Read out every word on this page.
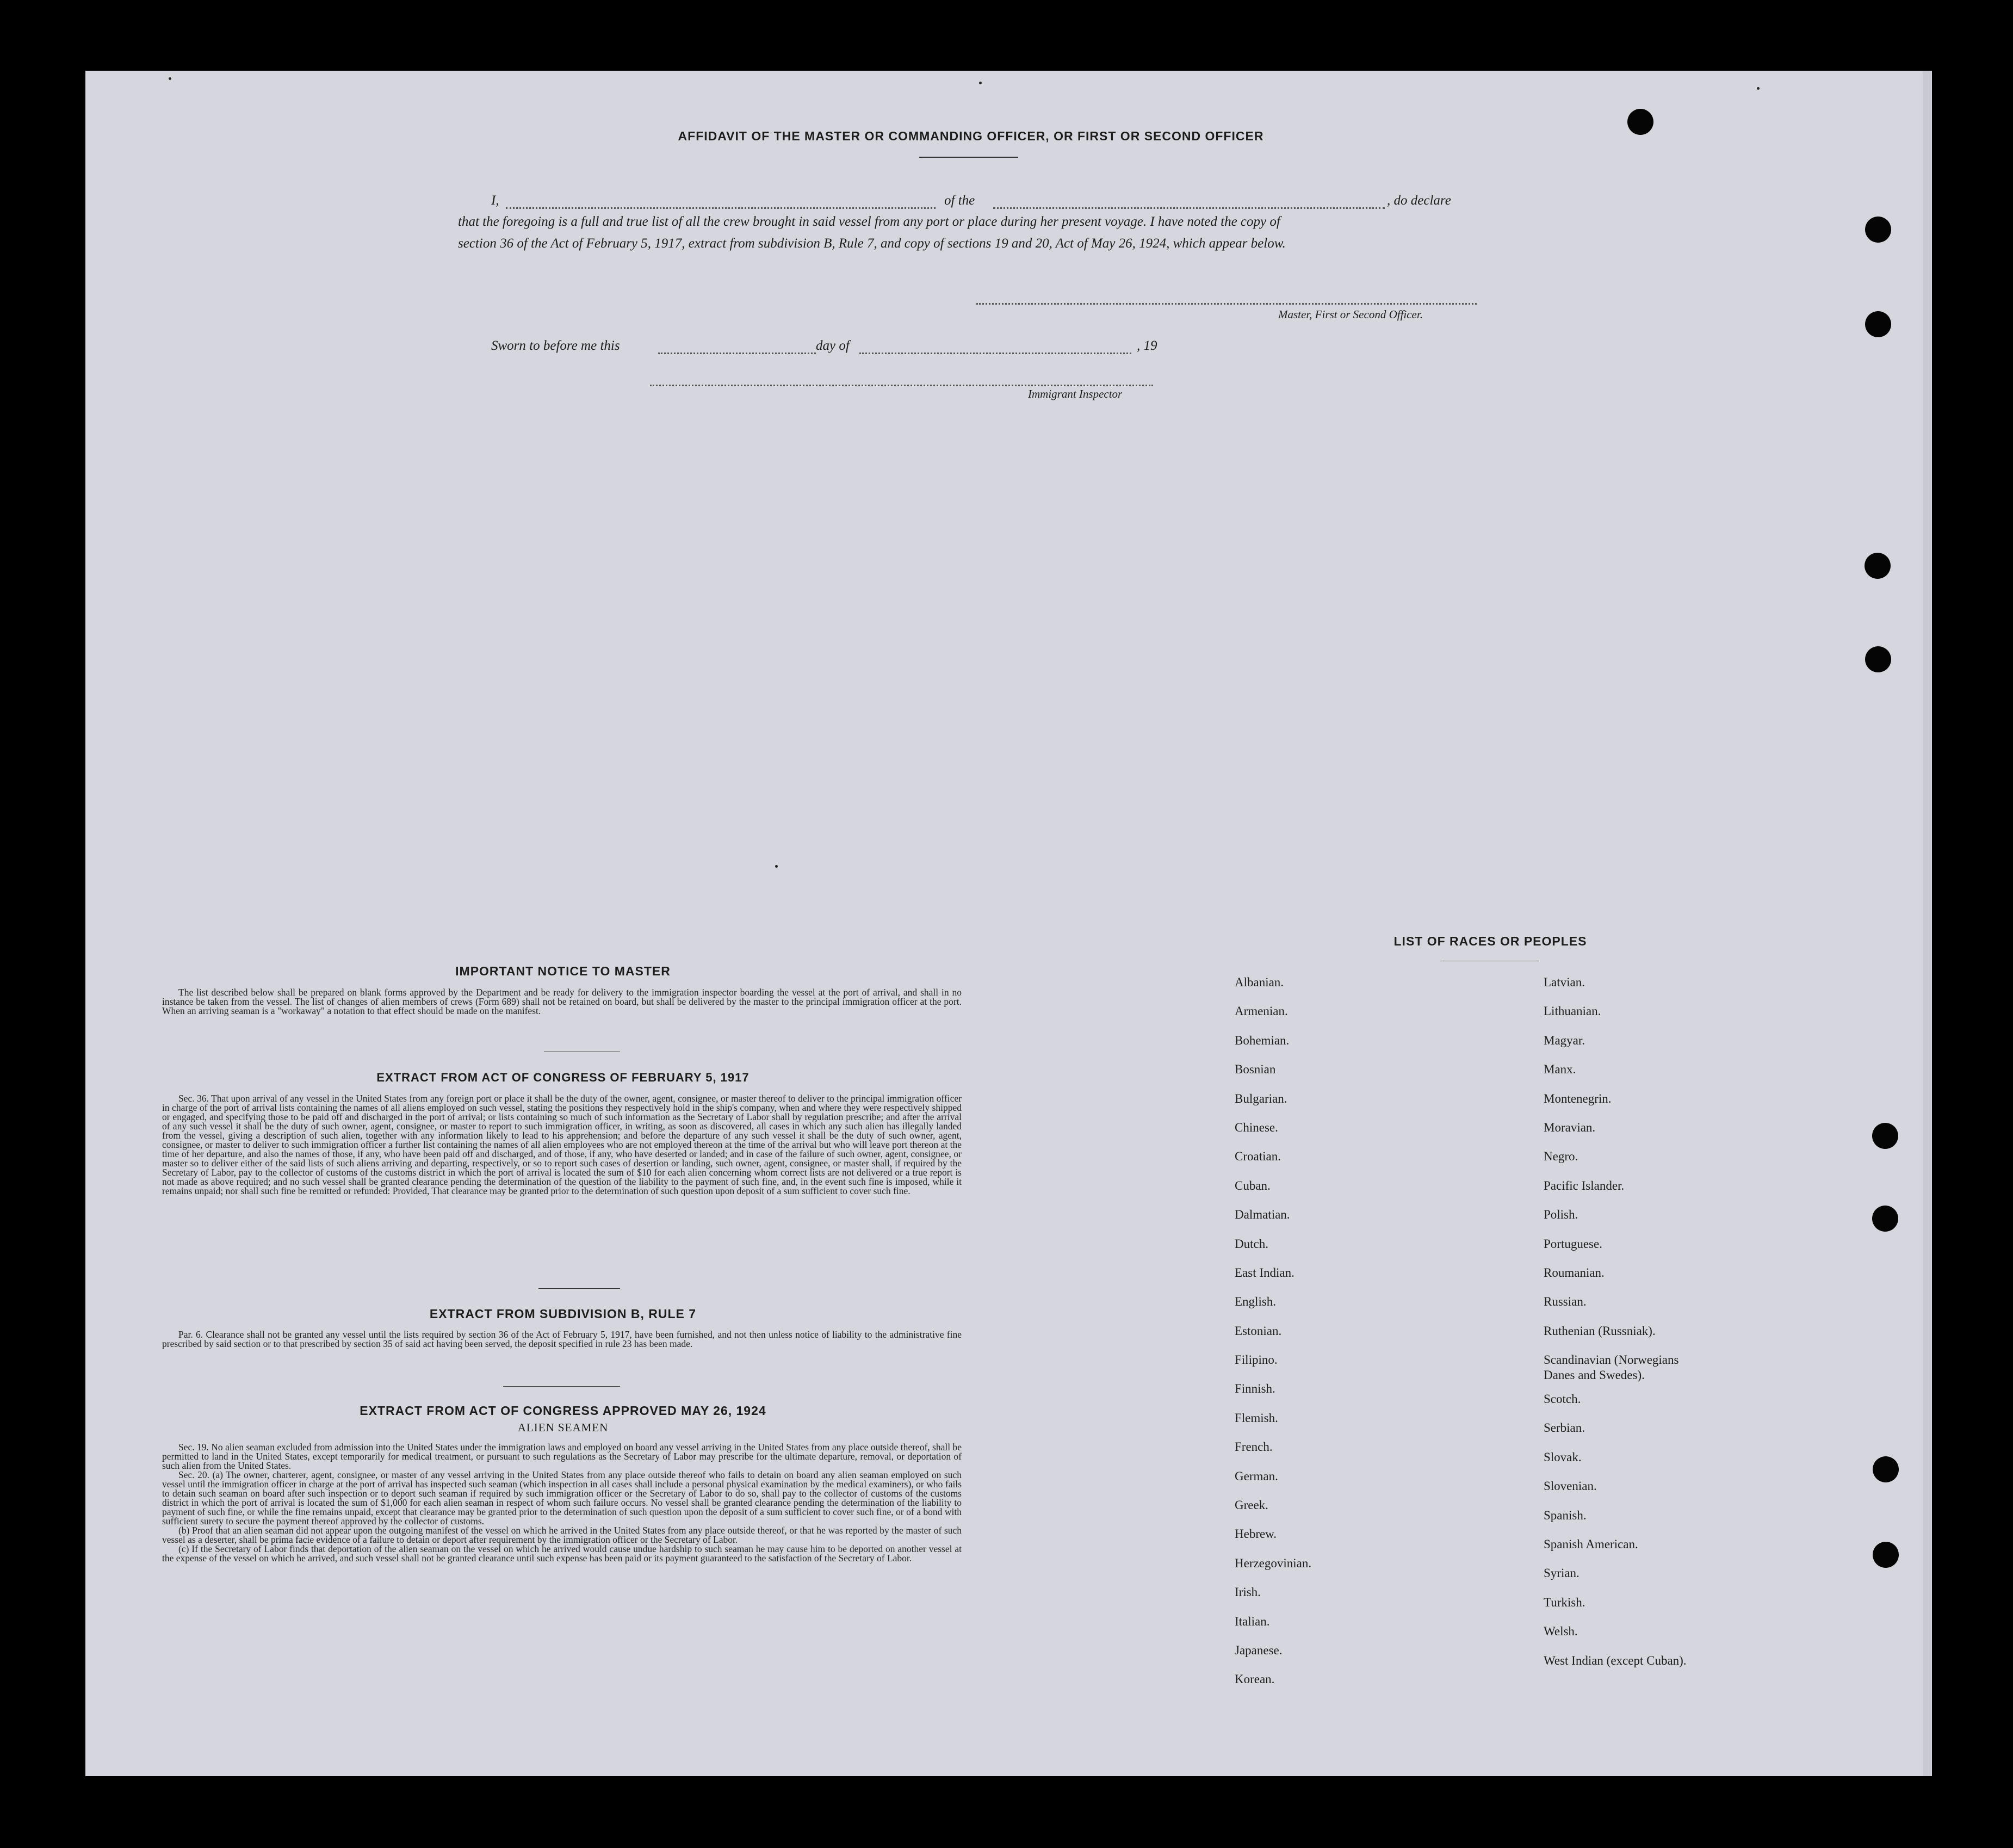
AFFIDAVIT OF THE MASTER OR COMMANDING OFFICER, OR FIRST OR SECOND OFFICER
I,	of the	, do declare
that the foregoing is a full and true list of all the crew brought in said vessel from any port or place during her present voyage. I have noted the copy of
section 36 of the Act of February 5, 1917, extract from subdivision B, Rule 7, and copy of sections 19 and 20, Act of May 26, 1924, which appear below.
Master, First or Second Officer.
Sworn to before me this	day of	, 19
Immigrant Inspector
IMPORTANT NOTICE TO MASTER

The list described below shall be prepared on blank forms approved by the Department and be ready for delivery to the immigration inspector boarding the vessel at the port of arrival, and shall in no instance be taken from the vessel. The list of changes of alien members of crews (Form 689) shall not be retained on board, but shall be delivered by the master to the principal immigration officer at the port. When an arriving seaman is a "workaway" a notation to that effect should be made on the manifest.

EXTRACT FROM ACT OF CONGRESS OF FEBRUARY 5, 1917

Sec. 36. That upon arrival of any vessel in the United States from any foreign port or place it shall be the duty of the owner, agent, consignee, or master thereof to deliver to the principal immigration officer in charge of the port of arrival lists containing the names of all aliens employed on such vessel, stating the positions they respectively hold in the ship's company, when and where they were respectively shipped or engaged, and specifying those to be paid off and discharged in the port of arrival; or lists containing so much of such information as the Secretary of Labor shall by regulation prescribe; and after the arrival of any such vessel it shall be the duty of such owner, agent, consignee, or master to report to such immigration officer, in writing, as soon as discovered, all cases in which any such alien has illegally landed from the vessel, giving a description of such alien, together with any information likely to lead to his apprehension; and before the departure of any such vessel it shall be the duty of such owner, agent, consignee, or master to deliver to such immigration officer a further list containing the names of all alien employees who are not employed thereon at the time of the arrival but who will leave port thereon at the time of her departure, and also the names of those, if any, who have been paid off and discharged, and of those, if any, who have deserted or landed; and in case of the failure of such owner, agent, consignee, or master so to deliver either of the said lists of such aliens arriving and departing, respectively, or so to report such cases of desertion or landing, such owner, agent, consignee, or master shall, if required by the Secretary of Labor, pay to the collector of customs of the customs district in which the port of arrival is located the sum of $10 for each alien concerning whom correct lists are not delivered or a true report is not made as above required; and no such vessel shall be granted clearance pending the determination of the question of the liability to the payment of such fine, and, in the event such fine is imposed, while it remains unpaid; nor shall such fine be remitted or refunded: Provided, That clearance may be granted prior to the determination of such question upon deposit of a sum sufficient to cover such fine.

EXTRACT FROM SUBDIVISION B, RULE 7

Par. 6. Clearance shall not be granted any vessel until the lists required by section 36 of the Act of February 5, 1917, have been furnished, and not then unless notice of liability to the administrative fine prescribed by said section or to that prescribed by section 35 of said act having been served, the deposit specified in rule 23 has been made.

EXTRACT FROM ACT OF CONGRESS APPROVED MAY 26, 1924
ALIEN SEAMEN

Sec. 19. No alien seaman excluded from admission into the United States under the immigration laws and employed on board any vessel arriving in the United States from any place outside thereof, shall be permitted to land in the United States, except temporarily for medical treatment, or pursuant to such regulations as the Secretary of Labor may prescribe for the ultimate departure, removal, or deportation of such alien from the United States.

Sec. 20. (a) The owner, charterer, agent, consignee, or master of any vessel arriving in the United States from any place outside thereof who fails to detain on board any alien seaman employed on such vessel until the immigration officer in charge at the port of arrival has inspected such seaman (which inspection in all cases shall include a personal physical examination by the medical examiners), or who fails to detain such seaman on board after such inspection or to deport such seaman if required by such immigration officer or the Secretary of Labor to do so, shall pay to the collector of customs of the customs district in which the port of arrival is located the sum of $1,000 for each alien seaman in respect of whom such failure occurs. No vessel shall be granted clearance pending the determination of the liability to payment of such fine, or while the fine remains unpaid, except that clearance may be granted prior to the determination of such question upon the deposit of a sum sufficient to cover such fine, or of a bond with sufficient surety to secure the payment thereof approved by the collector of customs.

(b) Proof that an alien seaman did not appear upon the outgoing manifest of the vessel on which he arrived in the United States from any place outside thereof, or that he was reported by the master of such vessel as a deserter, shall be prima facie evidence of a failure to detain or deport after requirement by the immigration officer or the Secretary of Labor.

(c) If the Secretary of Labor finds that deportation of the alien seaman on the vessel on which he arrived would cause undue hardship to such seaman he may cause him to be deported on another vessel at the expense of the vessel on which he arrived, and such vessel shall not be granted clearance until such expense has been paid or its payment guaranteed to the satisfaction of the Secretary of Labor.

LIST OF RACES OR PEOPLES
Albanian.
Armenian.
Bohemian.
Bosnian
Bulgarian.
Chinese.
Croatian.
Cuban.
Dalmatian.
Dutch.
East Indian.
English.
Estonian.
Filipino.
Finnish.
Flemish.
French.
German.
Greek.
Hebrew.
Herzegovinian.
Irish.
Italian.
Japanese.
Korean.
Latvian.
Lithuanian.
Magyar.
Manx.
Montenegrin.
Moravian.
Negro.
Pacific Islander.
Polish.
Portuguese.
Roumanian.
Russian.
Ruthenian (Russniak).
Scandinavian (Norwegians
Danes and Swedes).
Scotch.
Serbian.
Slovak.
Slovenian.
Spanish.
Spanish American.
Syrian.
Turkish.
Welsh.
West Indian (except Cuban).
